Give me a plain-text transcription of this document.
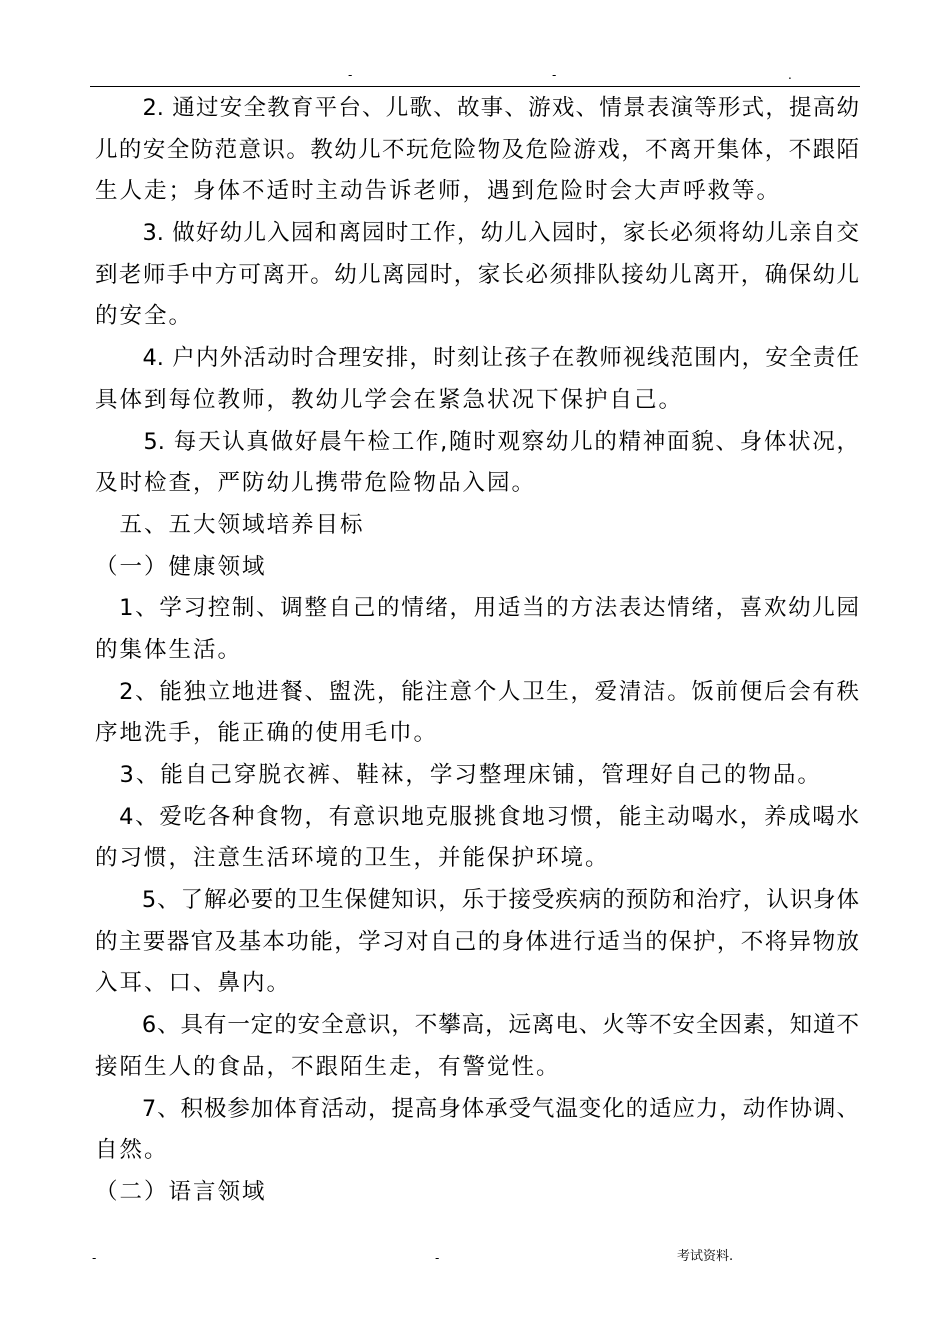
-	-	.
　　2. 通过安全教育平台、儿歌、故事、游戏、情景表演等形式，提高幼
儿的安全防范意识。教幼儿不玩危险物及危险游戏，不离开集体，不跟陌
生人走；身体不适时主动告诉老师，遇到危险时会大声呼救等。
　　3. 做好幼儿入园和离园时工作，幼儿入园时，家长必须将幼儿亲自交
到老师手中方可离开。幼儿离园时，家长必须排队接幼儿离开，确保幼儿
的安全。
　　4. 户内外活动时合理安排，时刻让孩子在教师视线范围内，安全责任
具体到每位教师，教幼儿学会在紧急状况下保护自己。
　　5. 每天认真做好晨午检工作,随时观察幼儿的精神面貌、身体状况，
及时检查，严防幼儿携带危险物品入园。
　五、五大领域培养目标
（一）健康领域
　1、学习控制、调整自己的情绪，用适当的方法表达情绪，喜欢幼儿园
的集体生活。
　2、能独立地进餐、盥洗，能注意个人卫生，爱清洁。饭前便后会有秩
序地洗手，能正确的使用毛巾。
　3、能自己穿脱衣裤、鞋袜，学习整理床铺，管理好自己的物品。
　4、爱吃各种食物，有意识地克服挑食地习惯，能主动喝水，养成喝水
的习惯，注意生活环境的卫生，并能保护环境。
　　5、了解必要的卫生保健知识，乐于接受疾病的预防和治疗，认识身体
的主要器官及基本功能，学习对自己的身体进行适当的保护，不将异物放
入耳、口、鼻内。
　　6、具有一定的安全意识，不攀高，远离电、火等不安全因素，知道不
接陌生人的食品，不跟陌生走，有警觉性。
　　7、积极参加体育活动，提高身体承受气温变化的适应力，动作协调、
自然。
（二）语言领域
-	-	考试资料.
